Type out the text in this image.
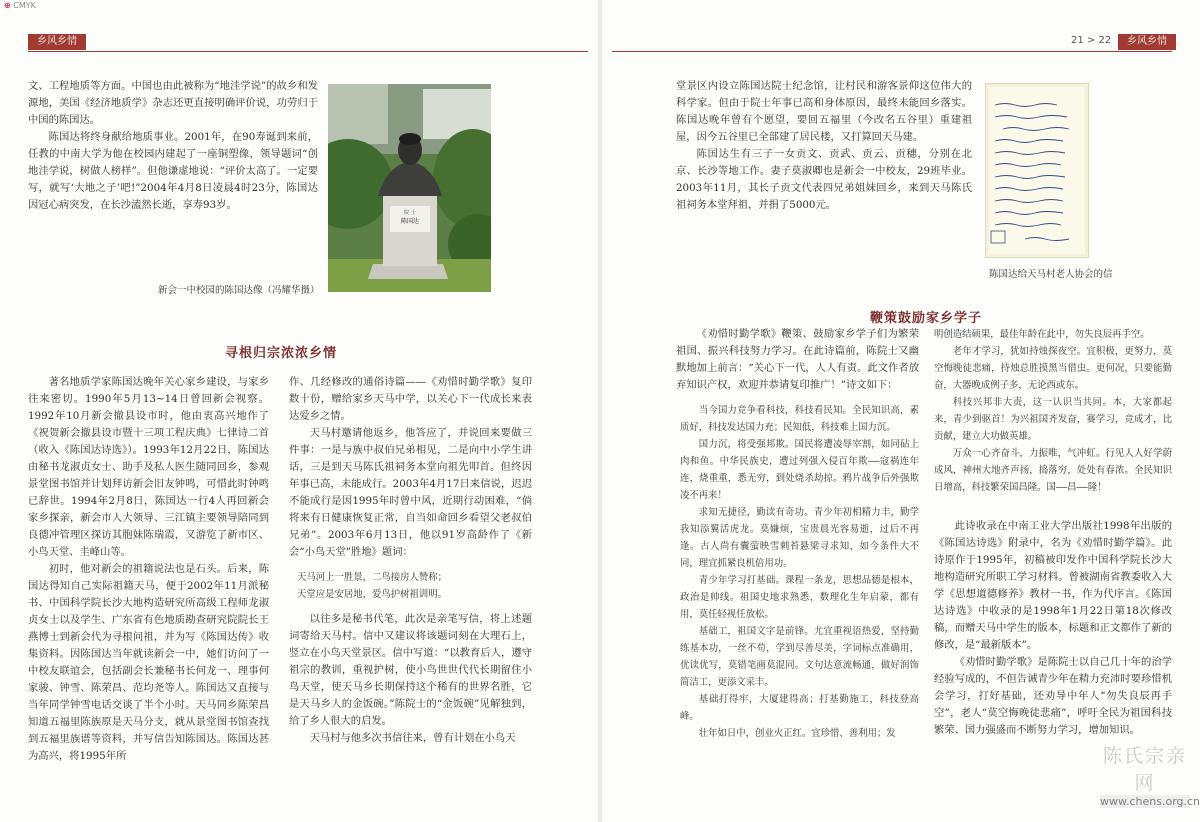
⊕ CMYK
乡风乡情

文、工程地质等方面。中国也由此被称为“地洼学说”的故乡和发源地，美国《经济地质学》杂志还更直接明确评价说，功劳归于中国的陈国达。

陈国达将终身献给地质事业。2001年，在90寿诞到来前，任教的中南大学为他在校园内建起了一座铜塑像，领导题词“创地洼学说，树做人榜样”。但他谦虚地说：“评价太高了。一定要写，就写‘大地之子’吧!”2004年4月8日凌晨4时23分，陈国达因冠心病突发，在长沙溘然长逝，享寿93岁。

院 士
陈国达
新会一中校园的陈国达像（冯耀华摄）
寻根归宗浓浓乡情

著名地质学家陈国达晚年关心家乡建设，与家乡往来密切。1990年5月13~14日曾回新会视察。1992年10月新会撤县设市时，他由衷高兴地作了《祝贺新会撤县设市暨十三项工程庆典》七律诗二首（收入《陈国达诗选》）。1993年12月22日，陈国达由秘书龙淑贞女士、助手及私人医生随同回乡，参观景堂图书馆并计划拜访新会旧友钟鸣，可惜此时钟鸣已辞世。1994年2月8日，陈国达一行4人再回新会家乡探亲，新会市人大领导、三江镇主要领导陪同到良德冲管理区探访其胞妹陈瑞霞，又游览了新市区、小鸟天堂、圭峰山等。

初时，他对新会的祖籍说法也是石头。后来，陈国达得知自己实际祖籍天马，便于2002年11月派秘书、中国科学院长沙大地构造研究所高级工程师龙淑贞女士以及学生、广东省有色地质勘查研究院院长王燕博士到新会代为寻根问祖，并为写《陈国达传》收集资料。因陈国达当年就读新会一中，她们访问了一中校友联谊会，包括副会长兼秘书长何龙一、理事何家骏、钟雪、陈荣昌、范均尧等人。陈国达又直接与当年同学钟雪电话交谈了半个小时。天马同乡陈荣昌知道五福里陈族原是天马分支，就从景堂图书馆查找到五福里族谱等资料，并写信告知陈国达。陈国达甚为高兴，将1995年所

作、几经修改的通俗诗篇——《劝惜时勤学歌》复印数十份，赠给家乡天马中学，以关心下一代成长来表达爱乡之情。

天马村邀请他返乡，他答应了，并说回来要做三件事：一是与族中叔伯兄弟相见，二是向中小学生讲话，三是到天马陈氏祖祠务本堂向祖先叩首。但终因年事已高，未能成行。2003年4月17日来信说，迟迟不能成行是因1995年时曾中风，近期行动困难，“倘将来有日健康恢复正常，自当如命回乡看望父老叔伯兄弟”。2003年6月13日，他以91岁高龄作了《新会“小鸟天堂”胜地》题词：

天马河上一胜景，二鸟接房人赞称；
天堂应是安居地，爱鸟护树祖训明。

以往多是秘书代笔，此次是亲笔写信，将上述题词寄给天马村。信中又建议将该题词刻在大理石上，竖立在小鸟天堂景区。信中写道：“以教育后人，遵守祖宗的教训，重视护树，使小鸟世世代代长期留住小鸟天堂，使天马乡长期保持这个稀有的世界名胜，它是天马乡人的金饭碗。”陈院士的“金饭碗”见解独到，给了乡人很大的启发。

天马村与他多次书信往来，曾有计划在小鸟天

21 > 22	乡风乡情

堂景区内设立陈国达院士纪念馆，让村民和游客景仰这位伟大的科学家。但由于院士年事已高和身体原因，最终未能回乡落实。陈国达晚年曾有个愿望，要回五福里（今改名五谷里）重建祖屋，因今五谷里已全部建了居民楼，又打算回天马建。

陈国达生有三子一女贡文、贡武、贡云、贡穗，分别在北京、长沙等地工作。妻子莫淑卿也是新会一中校友，29班毕业。2003年11月，其长子贡文代表四兄弟姐妹回乡，来到天马陈氏祖祠务本堂拜祖，并捐了5000元。

陈国达给天马村老人协会的信
鞭策鼓励家乡学子

《劝惜时勤学歌》鞭策、鼓励家乡学子们为繁荣祖国、振兴科技努力学习。在此诗篇前，陈院士又幽默地加上前言：“关心下一代，人人有责。此文作者放弃知识产权，欢迎并恭请复印推广！”诗文如下：

当今国力竞争看科技，科技看民知。全民知识高，素质好，科技发达国力充；民知低，科技难上国力沉。

国力沉，将受强邦欺。国民将遭凌辱宰割，如同砧上肉和鱼。中华民族史，遭过列强入侵百年欺——寇祸连年连，烧重重，悉无穷，到处烧杀劫掠。鸦片战争后外强欺凌不再来！

求知无捷径，勤读有奇功。青少年初相精力丰，勤学我知添翼活虎龙。莫嫌烦，宝贵晨光容易逝，过后不再逢。古人尚有囊萤映雪刺苔悬梁寻求知，如今条件大不同，理宜抓紧良机倍用功。

青少年学习打基础。课程一条龙，思想品德是根本，政治是帅线。祖国史地求熟悉，数理化生年启蒙，都有用，莫任轻视任放松。

基础工，祖国文字是前锋。尤宜重视语热爱，坚持勤练基本功，一丝不苟，学到尽善尽美，字词标点准确用，优读优写，莫错笔画莫混同。文句达意流畅通，做好润饰简洁工，更添文采丰。

基础打得牢，大厦建得高；打基勤施工，科技登高峰。

壮年如日中，创业火正红。宜珍惜、善利用；发

明创造结硕果，最佳年龄在此中，勿失良辰再手空。

老年才学习，犹如持烛探夜空。宜积极，更努力，莫空悔晚徒悲痛，持烛总胜摸黑当借虫。更何况，只要能勤奋，大器晚成例子多，无论西或东。

科技兴邦非大责，这一认识当共同。本，大家都起来，青少到驱首！为兴祖国齐发奋，赛学习，竞成才，比贡献，建立大功做英雄。

万众一心齐奋斗，力振唯，气冲虹。行见人人好学蔚成风，神州大地齐声扬，捣落穷，处处有春浓。全民知识日增高，科技繁荣国昌隆。国——昌——隆！

此诗收录在中南工业大学出版社1998年出版的《陈国达诗选》附录中，名为《劝惜时勤学篇》。此诗原作于1995年，初稿被印发作中国科学院长沙大地构造研究所职工学习材料。曾被湖南省教委收入大学《思想道德修养》教材一书，作为代序言。《陈国达诗选》中收录的是1998年1月22日第18次修改稿，而赠天马中学生的版本，标题和正文都作了新的修改，是“最新版本”。

《劝惜时勤学歌》是陈院士以自己几十年的治学经验写成的，不但告诫青少年在精力充沛时要珍惜机会学习，打好基础，还劝导中年人“勿失良辰再手空”，老人“莫空悔晚徒悲痛”，呼吁全民为祖国科技繁荣、国力强盛而不断努力学习，增加知识。

陈氏宗亲网
www.chens.org.cn
